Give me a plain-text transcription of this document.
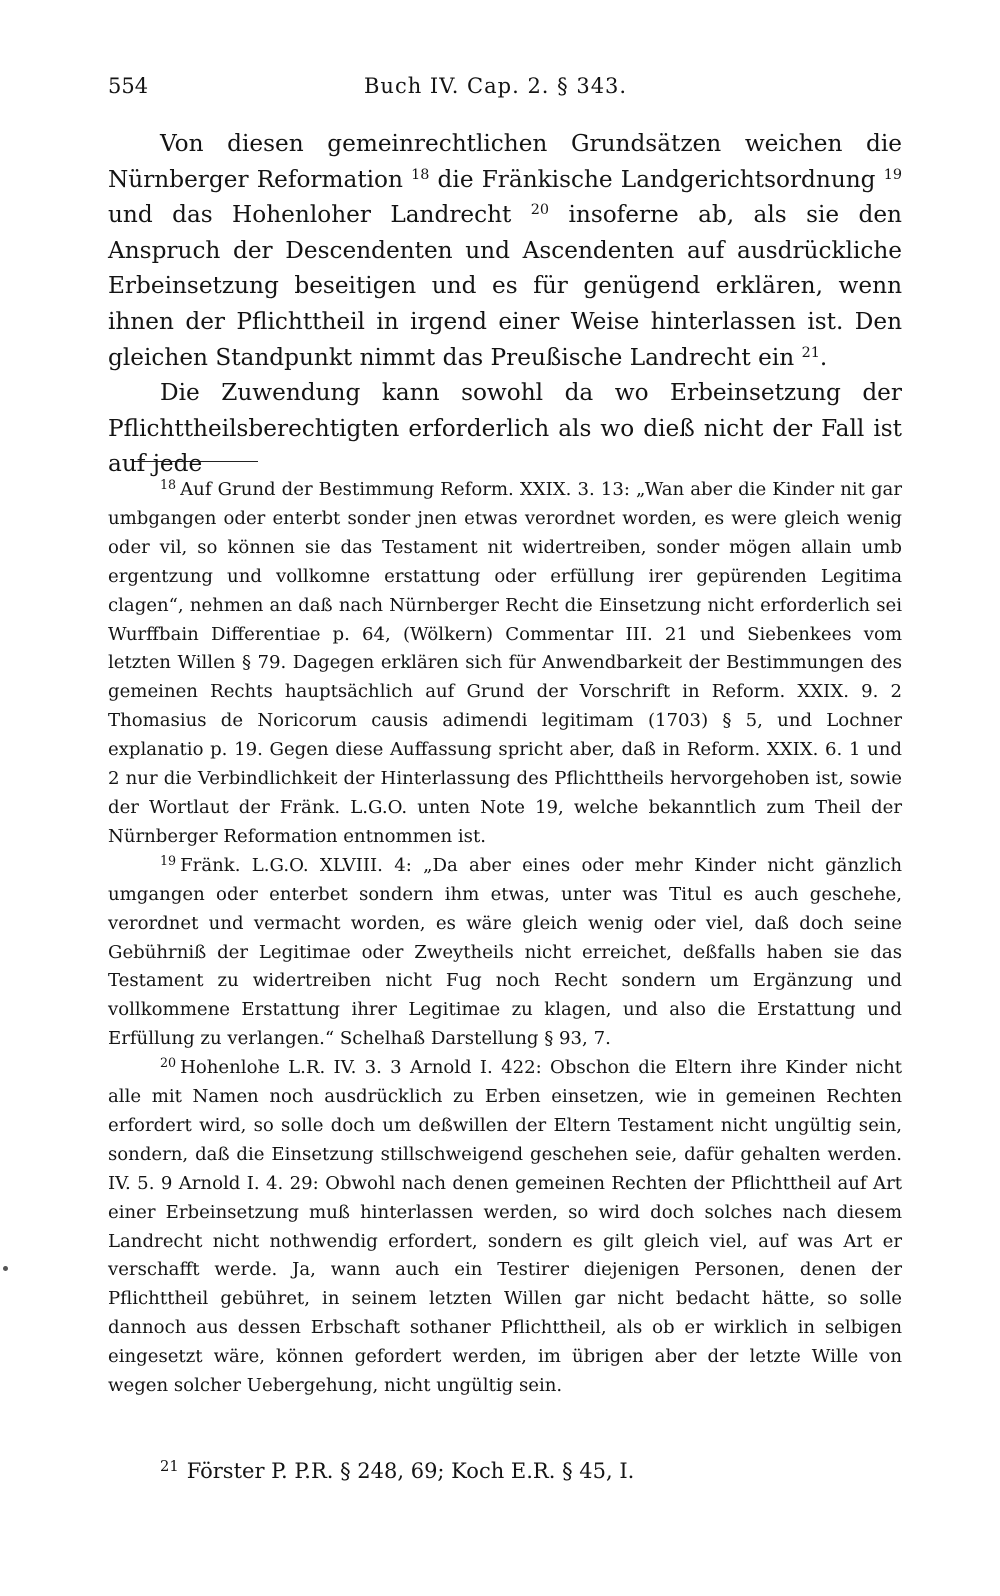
554	Buch IV. Cap. 2. § 343.

Von diesen gemeinrechtlichen Grundsätzen weichen die Nürnberger Reformation $^{18}$ die Fränkische Landgerichtsordnung $^{19}$ und das Hohenloher Landrecht $^{20}$ insoferne ab, als sie den Anspruch der Descendenten und Ascendenten auf ausdrückliche Erbeinsetzung beseitigen und es für genügend erklären, wenn ihnen der Pflichttheil in irgend einer Weise hinterlassen ist. Den gleichen Standpunkt nimmt das Preußische Landrecht ein $^{21}$.

Die Zuwendung kann sowohl da wo Erbeinsetzung der Pflichttheilsberechtigten erforderlich als wo dieß nicht der Fall ist auf jede

$^{18}$ Auf Grund der Bestimmung Reform. XXIX. 3. 13: „Wan aber die Kinder nit gar umbgangen oder enterbt sonder jnen etwas verordnet worden, es were gleich wenig oder vil, so können sie das Testament nit widertreiben, sonder mögen allain umb ergentzung und vollkomne erstattung oder erfüllung irer gepürenden Legitima clagen“, nehmen an daß nach Nürnberger Recht die Einsetzung nicht erforderlich sei Wurffbain Differentiae p. 64, (Wölkern) Commentar III. 21 und Siebenkees vom letzten Willen § 79. Dagegen erklären sich für Anwendbarkeit der Bestimmungen des gemeinen Rechts hauptsächlich auf Grund der Vorschrift in Reform. XXIX. 9. 2 Thomasius de Noricorum causis adimendi legitimam (1703) § 5, und Lochner explanatio p. 19. Gegen diese Auffassung spricht aber, daß in Reform. XXIX. 6. 1 und 2 nur die Verbindlichkeit der Hinterlassung des Pflichttheils hervorgehoben ist, sowie der Wortlaut der Fränk. L.G.O. unten Note 19, welche bekanntlich zum Theil der Nürnberger Reformation entnommen ist.

$^{19}$ Fränk. L.G.O. XLVIII. 4: „Da aber eines oder mehr Kinder nicht gänzlich umgangen oder enterbet sondern ihm etwas, unter was Titul es auch geschehe, verordnet und vermacht worden, es wäre gleich wenig oder viel, daß doch seine Gebührniß der Legitimae oder Zweytheils nicht erreichet, deßfalls haben sie das Testament zu widertreiben nicht Fug noch Recht sondern um Ergänzung und vollkommene Erstattung ihrer Legitimae zu klagen, und also die Erstattung und Erfüllung zu verlangen.“ Schelhaß Darstellung § 93, 7.

$^{20}$ Hohenlohe L.R. IV. 3. 3 Arnold I. 422: Obschon die Eltern ihre Kinder nicht alle mit Namen noch ausdrücklich zu Erben einsetzen, wie in gemeinen Rechten erfordert wird, so solle doch um deßwillen der Eltern Testament nicht ungültig sein, sondern, daß die Einsetzung stillschweigend geschehen seie, dafür gehalten werden. IV. 5. 9 Arnold I. 4. 29: Obwohl nach denen gemeinen Rechten der Pflichttheil auf Art einer Erbeinsetzung muß hinterlassen werden, so wird doch solches nach diesem Landrecht nicht nothwendig erfordert, sondern es gilt gleich viel, auf was Art er verschafft werde. Ja, wann auch ein Testirer diejenigen Personen, denen der Pflichttheil gebühret, in seinem letzten Willen gar nicht bedacht hätte, so solle dannoch aus dessen Erbschaft sothaner Pflichttheil, als ob er wirklich in selbigen eingesetzt wäre, können gefordert werden, im übrigen aber der letzte Wille von wegen solcher Uebergehung, nicht ungültig sein.

$^{21}$ Förster P. P.R. § 248, 69; Koch E.R. § 45, I.
